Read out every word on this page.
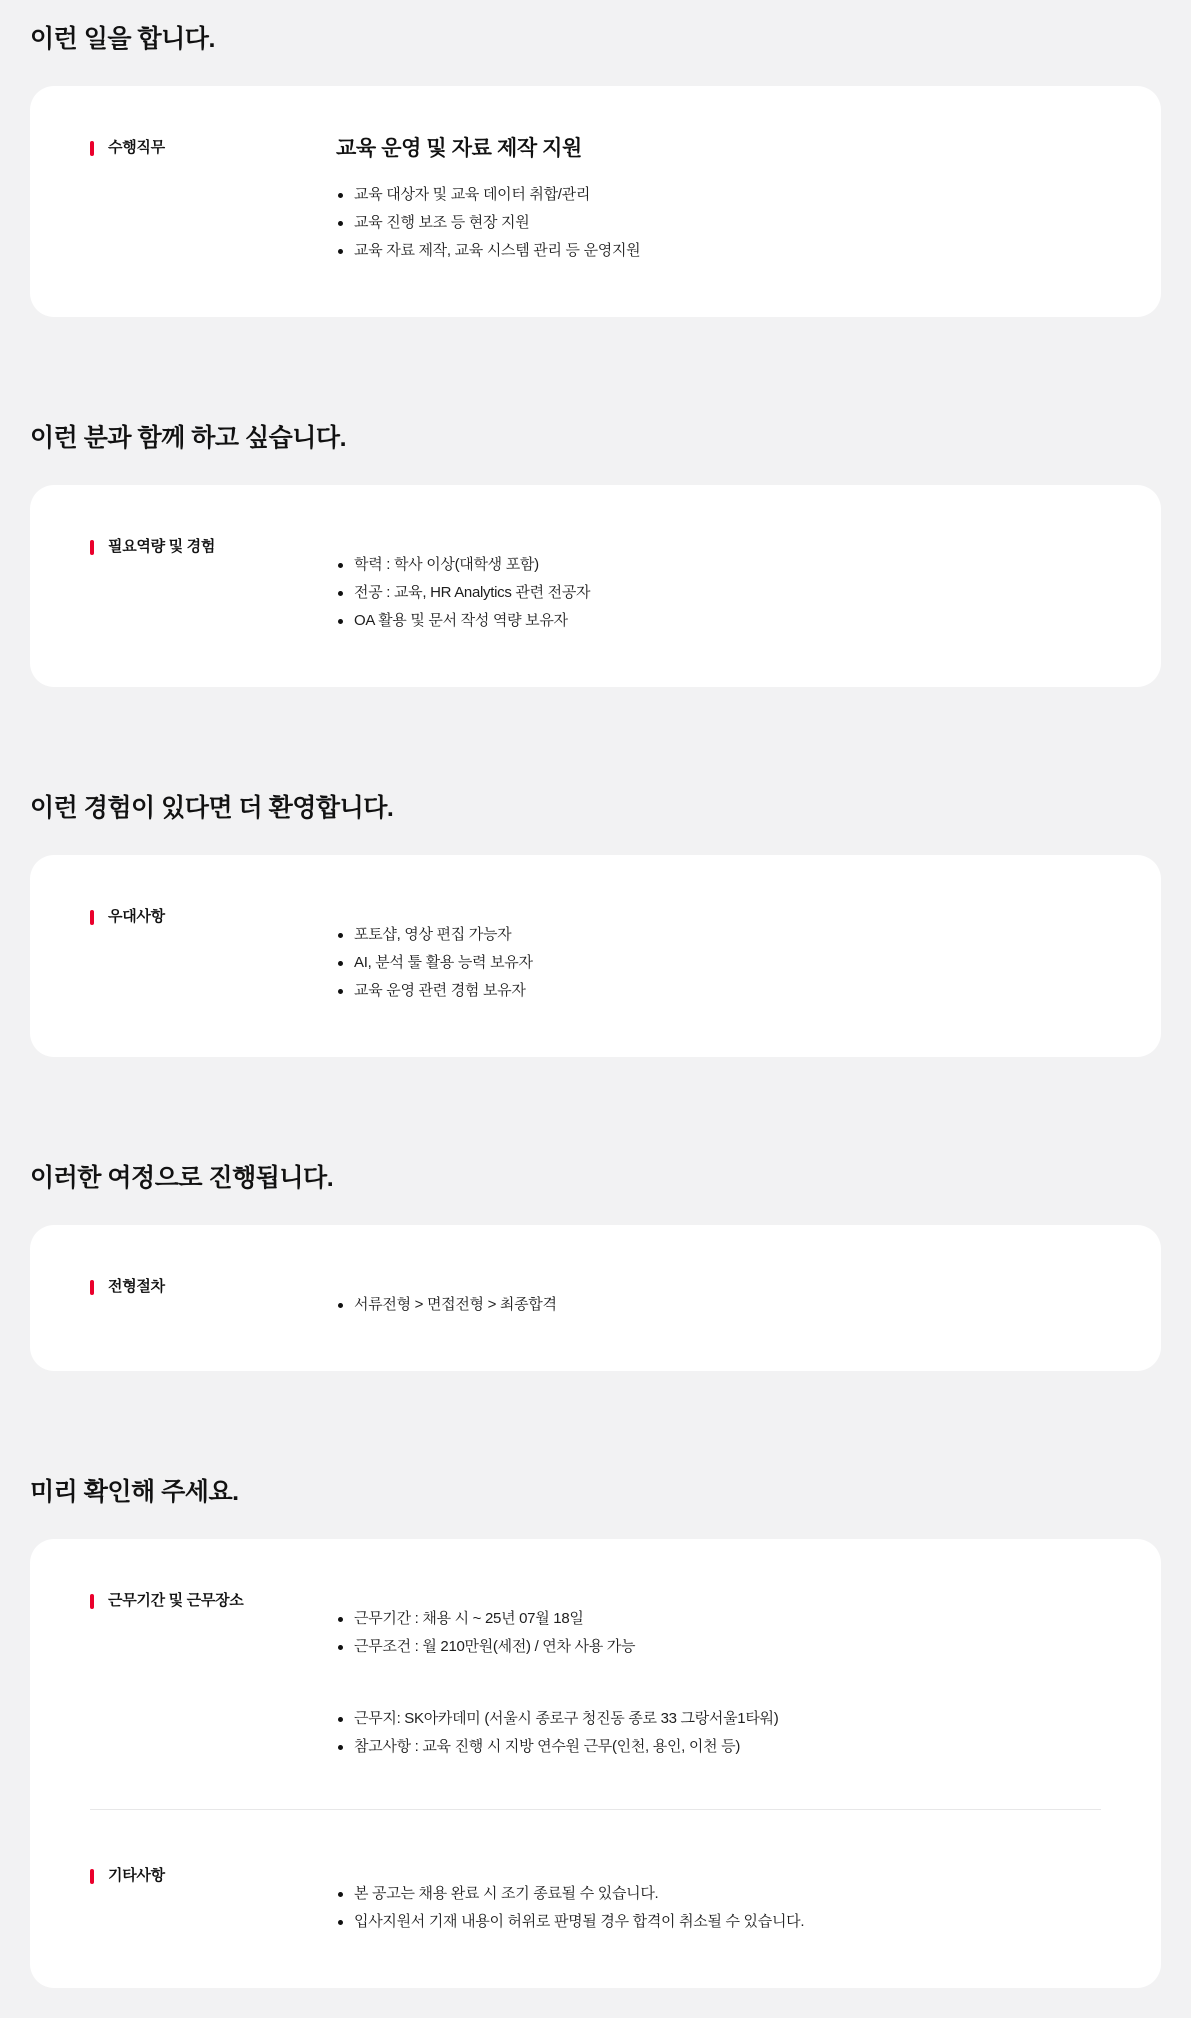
이런 일을 합니다.
수행직무	교육 운영 및 자료 제작 지원
교육 대상자 및 교육 데이터 취합/관리
교육 진행 보조 등 현장 지원
교육 자료 제작, 교육 시스템 관리 등 운영지원
이런 분과 함께 하고 싶습니다.
필요역량 및 경험
학력 : 학사 이상(대학생 포함)
전공 : 교육, HR Analytics 관련 전공자
OA 활용 및 문서 작성 역량 보유자
이런 경험이 있다면 더 환영합니다.
우대사항
포토샵, 영상 편집 가능자
AI, 분석 툴 활용 능력 보유자
교육 운영 관련 경험 보유자
이러한 여정으로 진행됩니다.
전형절차
서류전형 > 면접전형 > 최종합격
미리 확인해 주세요.
근무기간 및 근무장소
근무기간 : 채용 시 ~ 25년 07월 18일
근무조건 : 월 210만원(세전) / 연차 사용 가능
근무지: SK아카데미 (서울시 종로구 청진동 종로 33 그랑서울1타워)
참고사항 : 교육 진행 시 지방 연수원 근무(인천, 용인, 이천 등)
기타사항
본 공고는 채용 완료 시 조기 종료될 수 있습니다.
입사지원서 기재 내용이 허위로 판명될 경우 합격이 취소될 수 있습니다.
